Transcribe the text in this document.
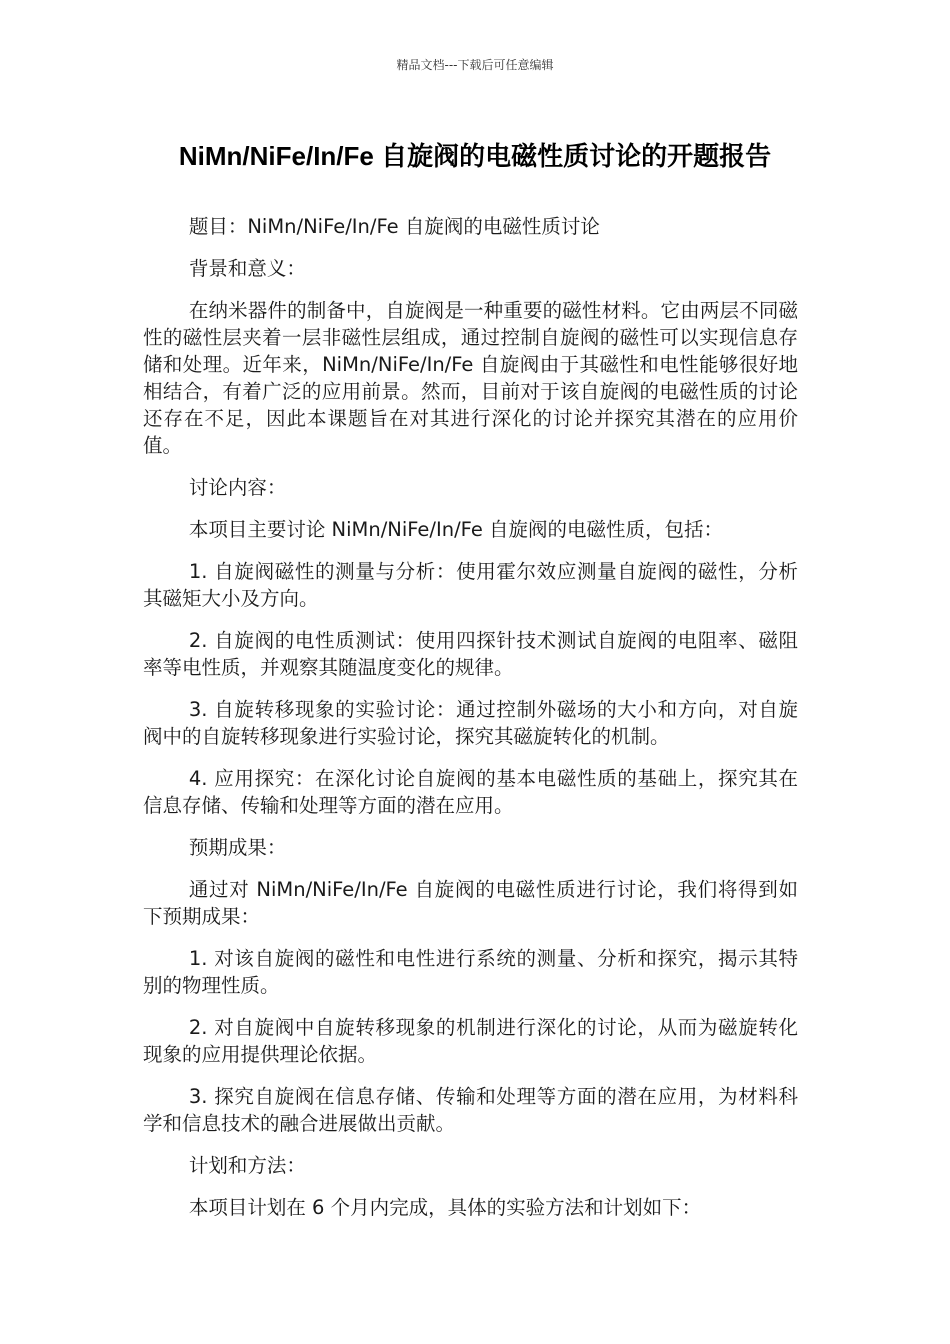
精品文档---下载后可任意编辑
NiMn/NiFe/In/Fe 自旋阀的电磁性质讨论的开题报告

题目：NiMn/NiFe/In/Fe 自旋阀的电磁性质讨论

背景和意义：

在纳米器件的制备中，自旋阀是一种重要的磁性材料。它由两层不同磁性的磁性层夹着一层非磁性层组成，通过控制自旋阀的磁性可以实现信息存储和处理。近年来，NiMn/NiFe/In/Fe 自旋阀由于其磁性和电性能够很好地相结合，有着广泛的应用前景。然而，目前对于该自旋阀的电磁性质的讨论还存在不足，因此本课题旨在对其进行深化的讨论并探究其潜在的应用价值。

讨论内容：

本项目主要讨论 NiMn/NiFe/In/Fe 自旋阀的电磁性质，包括：

1. 自旋阀磁性的测量与分析：使用霍尔效应测量自旋阀的磁性，分析其磁矩大小及方向。

2. 自旋阀的电性质测试：使用四探针技术测试自旋阀的电阻率、磁阻率等电性质，并观察其随温度变化的规律。

3. 自旋转移现象的实验讨论：通过控制外磁场的大小和方向，对自旋阀中的自旋转移现象进行实验讨论，探究其磁旋转化的机制。

4. 应用探究：在深化讨论自旋阀的基本电磁性质的基础上，探究其在信息存储、传输和处理等方面的潜在应用。

预期成果：

通过对 NiMn/NiFe/In/Fe 自旋阀的电磁性质进行讨论，我们将得到如下预期成果：

1. 对该自旋阀的磁性和电性进行系统的测量、分析和探究，揭示其特别的物理性质。

2. 对自旋阀中自旋转移现象的机制进行深化的讨论，从而为磁旋转化现象的应用提供理论依据。

3. 探究自旋阀在信息存储、传输和处理等方面的潜在应用，为材料科学和信息技术的融合进展做出贡献。

计划和方法：

本项目计划在 6 个月内完成，具体的实验方法和计划如下：
